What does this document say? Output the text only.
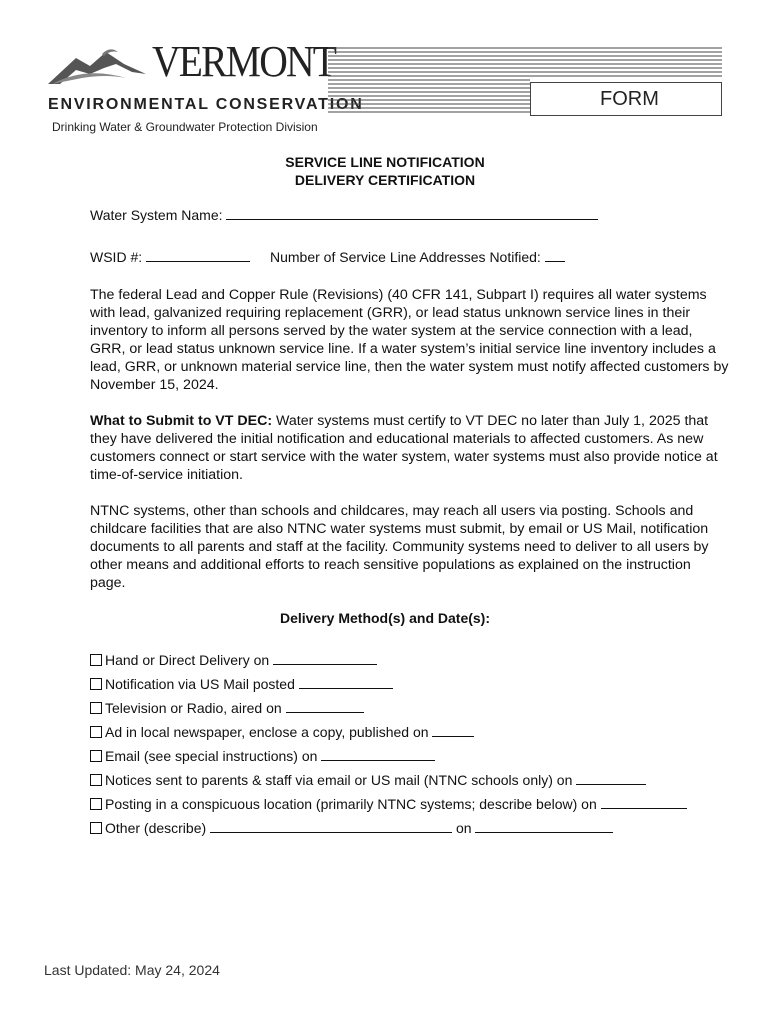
VERMONT
ENVIRONMENTAL CONSERVATION
Drinking Water & Groundwater Protection Division
FORM
SERVICE LINE NOTIFICATION
DELIVERY CERTIFICATION
Water System Name:
WSID #:	Number of Service Line Addresses Notified:
The federal Lead and Copper Rule (Revisions) (40 CFR 141, Subpart I) requires all water systems with lead, galvanized requiring replacement (GRR), or lead status unknown service lines in their inventory to inform all persons served by the water system at the service connection with a lead, GRR, or lead status unknown service line. If a water system’s initial service line inventory includes a lead, GRR, or unknown material service line, then the water system must notify affected customers by November 15, 2024.
What to Submit to VT DEC: Water systems must certify to VT DEC no later than July 1, 2025 that they have delivered the initial notification and educational materials to affected customers. As new customers connect or start service with the water system, water systems must also provide notice at time-of-service initiation.
NTNC systems, other than schools and childcares, may reach all users via posting. Schools and childcare facilities that are also NTNC water systems must submit, by email or US Mail, notification documents to all parents and staff at the facility. Community systems need to deliver to all users by other means and additional efforts to reach sensitive populations as explained on the instruction page.
Delivery Method(s) and Date(s):
Hand or Direct Delivery on
Notification via US Mail posted
Television or Radio, aired on
Ad in local newspaper, enclose a copy, published on
Email (see special instructions) on
Notices sent to parents & staff via email or US mail (NTNC schools only) on
Posting in a conspicuous location (primarily NTNC systems; describe below) on
Other (describe)	on
Last Updated: May 24, 2024
